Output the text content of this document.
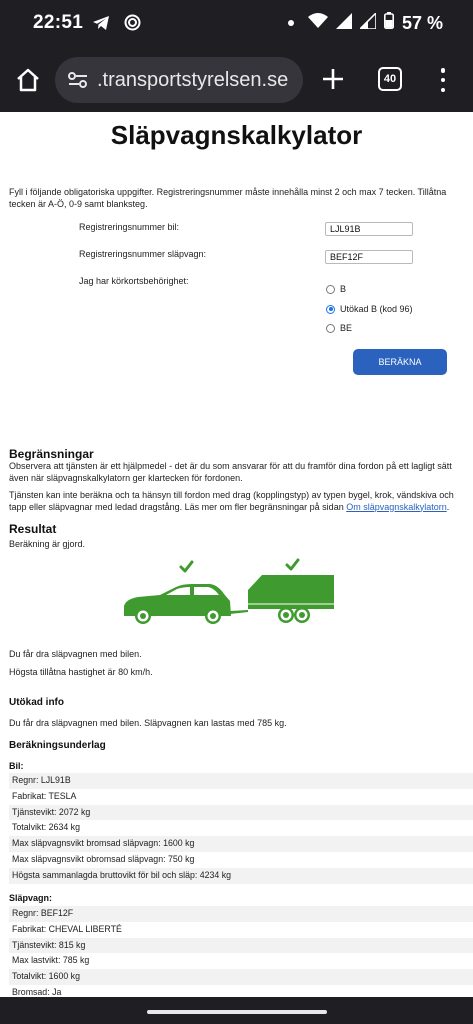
22:51	57 %
.transportstyrelsen.se	40
Släpvagnskalkylator
Fyll i följande obligatoriska uppgifter. Registreringsnummer måste innehålla minst 2 och max 7 tecken. Tillåtna tecken är A-Ö, 0-9 samt blanksteg.
Registreringsnummer bil:
LJL91B
Registreringsnummer släpvagn:
BEF12F
Jag har körkortsbehörighet:
B
Utökad B (kod 96)
BE
BERÄKNA
Begränsningar
Observera att tjänsten är ett hjälpmedel - det är du som ansvarar för att du framför dina fordon på ett lagligt sätt även när släpvagnskalkylatorn ger klartecken för fordonen.
Tjänsten kan inte beräkna och ta hänsyn till fordon med drag (kopplingstyp) av typen bygel, krok, vändskiva och tapp eller släpvagnar med ledad dragstång. Läs mer om fler begränsningar på sidan Om släpvagnskalkylatorn.
Resultat
Beräkning är gjord.
Du får dra släpvagnen med bilen.
Högsta tillåtna hastighet är 80 km/h.
Utökad info
Du får dra släpvagnen med bilen. Släpvagnen kan lastas med 785 kg.
Beräkningsunderlag
Bil:
Regnr: LJL91B
Fabrikat: TESLA
Tjänstevikt: 2072 kg
Totalvikt: 2634 kg
Max släpvagnsvikt bromsad släpvagn: 1600 kg
Max släpvagnsvikt obromsad släpvagn: 750 kg
Högsta sammanlagda bruttovikt för bil och släp: 4234 kg
Släpvagn:
Regnr: BEF12F
Fabrikat: CHEVAL LIBERTÉ
Tjänstevikt: 815 kg
Max lastvikt: 785 kg
Totalvikt: 1600 kg
Bromsad: Ja
